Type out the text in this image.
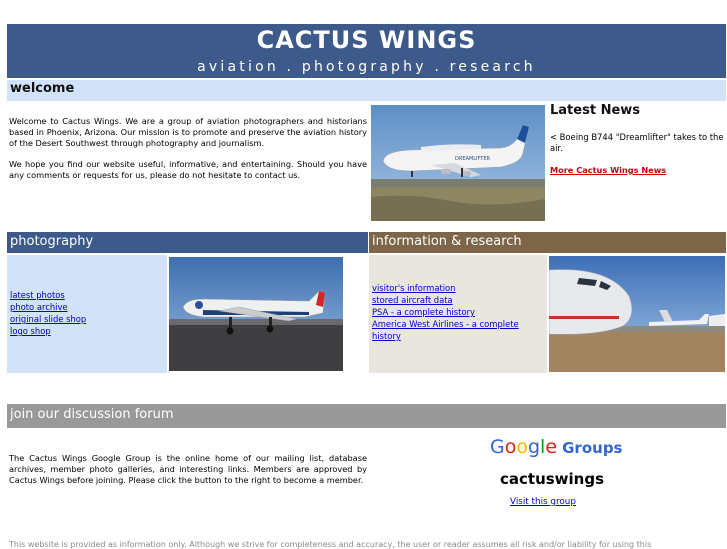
CACTUS WINGS
aviation . photography . research
welcome

Welcome to Cactus Wings. We are a group of aviation photographers and historians based in Phoenix, Arizona. Our mission is to promote and preserve the aviation history of the Desert Southwest through photography and journalism.

We hope you find our website useful, informative, and entertaining. Should you have any comments or requests for us, please do not hesitate to contact us.

DREAMLIFTER
Latest News
< Boeing B744 "Dreamlifter" takes to the air.
More Cactus Wings News
photography	information & research
latest photos
photo archive
original slide shop
logo shop
visitor's information
stored aircraft data
PSA - a complete history
America West Airlines - a complete history
join our discussion forum
The Cactus Wings Google Group is the online home of our mailing list, database archives, member photo galleries, and interesting links. Members are approved by Cactus Wings before joining. Please click the button to the right to become a member.
Google Groups
cactuswings
Visit this group
This website is provided as information only. Although we strive for completeness and accuracy, the user or reader assumes all risk and/or liability for using this
